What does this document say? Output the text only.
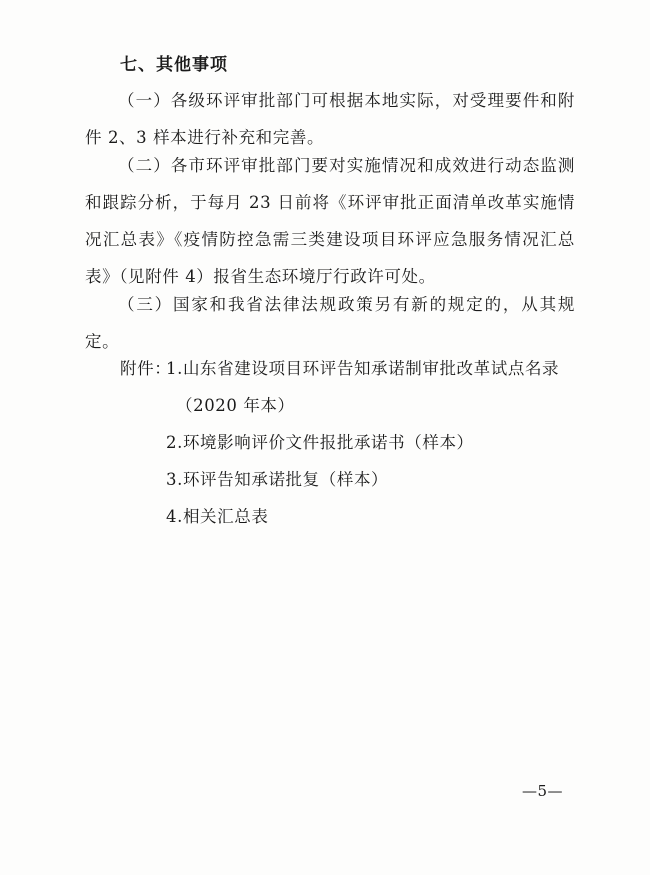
七、其他事项
（一）各级环评审批部门可根据本地实际，对受理要件和附件 2、3 样本进行补充和完善。
（二）各市环评审批部门要对实施情况和成效进行动态监测和跟踪分析，于每月 23 日前将《环评审批正面清单改革实施情况汇总表》《疫情防控急需三类建设项目环评应急服务情况汇总表》（见附件 4）报省生态环境厅行政许可处。
（三）国家和我省法律法规政策另有新的规定的，从其规定。
附件：
1.山东省建设项目环评告知承诺制审批改革试点名录
（2020 年本）
2.环境影响评价文件报批承诺书（样本）
3.环评告知承诺批复（样本）
4.相关汇总表
—5—
